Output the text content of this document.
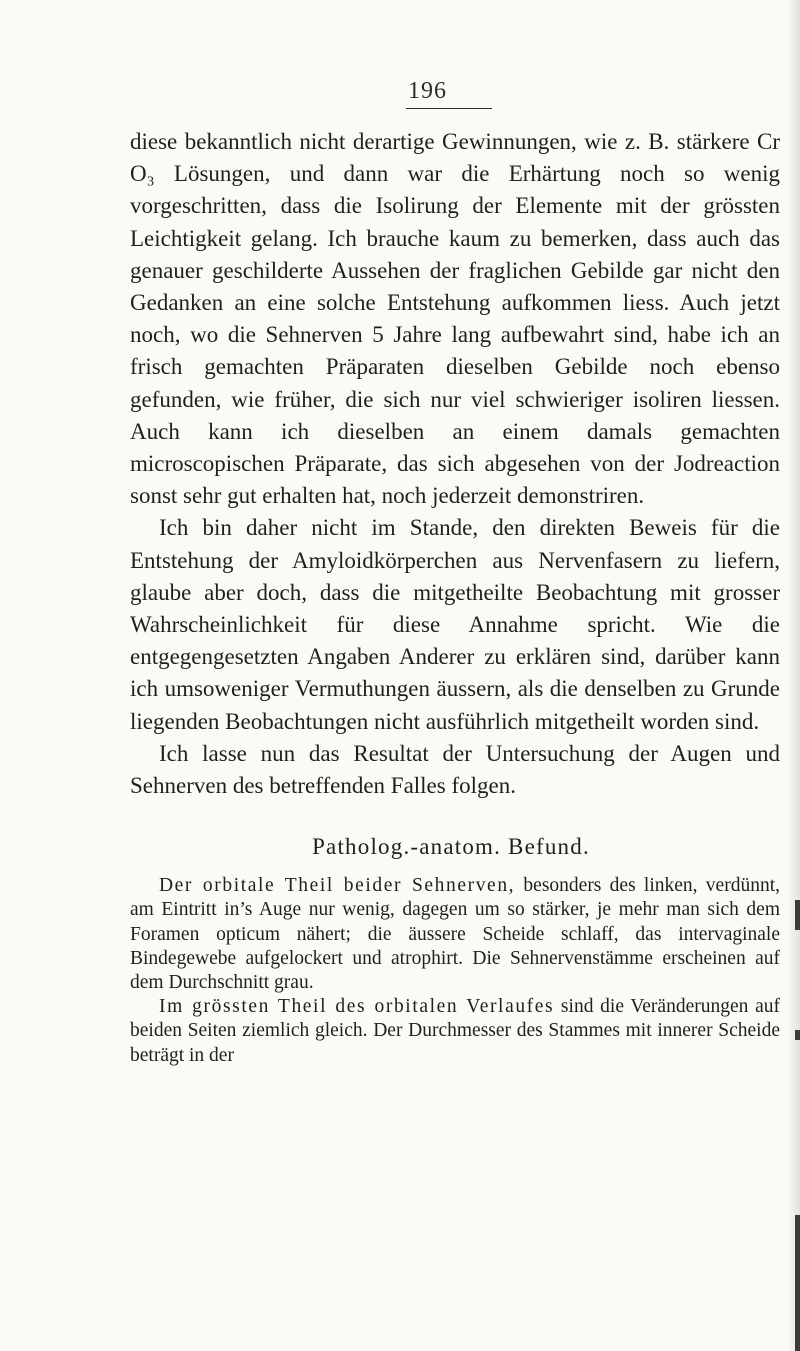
196

diese bekanntlich nicht derartige Gewinnungen, wie z. B. stärkere Cr O₃ Lösungen, und dann war die Erhärtung noch so wenig vorgeschritten, dass die Isolirung der Elemente mit der grössten Leichtigkeit gelang. Ich brauche kaum zu bemerken, dass auch das genauer geschilderte Aussehen der fraglichen Gebilde gar nicht den Gedanken an eine solche Entstehung aufkommen liess. Auch jetzt noch, wo die Sehnerven 5 Jahre lang aufbewahrt sind, habe ich an frisch gemachten Präparaten dieselben Gebilde noch ebenso gefunden, wie früher, die sich nur viel schwieriger isoliren liessen. Auch kann ich dieselben an einem damals gemachten microscopischen Präparate, das sich abgesehen von der Jodreaction sonst sehr gut erhalten hat, noch jederzeit demonstriren.

Ich bin daher nicht im Stande, den direkten Beweis für die Entstehung der Amyloidkörperchen aus Nervenfasern zu liefern, glaube aber doch, dass die mitgetheilte Beobachtung mit grosser Wahrscheinlichkeit für diese Annahme spricht. Wie die entgegengesetzten Angaben Anderer zu erklären sind, darüber kann ich umsoweniger Vermuthungen äussern, als die denselben zu Grunde liegenden Beobachtungen nicht ausführlich mitgetheilt worden sind.

Ich lasse nun das Resultat der Untersuchung der Augen und Sehnerven des betreffenden Falles folgen.

Patholog.-anatom. Befund.

Der orbitale Theil beider Sehnerven, besonders des linken, verdünnt, am Eintritt in’s Auge nur wenig, dagegen um so stärker, je mehr man sich dem Foramen opticum nähert; die äussere Scheide schlaff, das intervaginale Bindegewebe aufgelockert und atrophirt. Die Sehnervenstämme erscheinen auf dem Durchschnitt grau.

Im grössten Theil des orbitalen Verlaufes sind die Veränderungen auf beiden Seiten ziemlich gleich. Der Durchmesser des Stammes mit innerer Scheide beträgt in der
